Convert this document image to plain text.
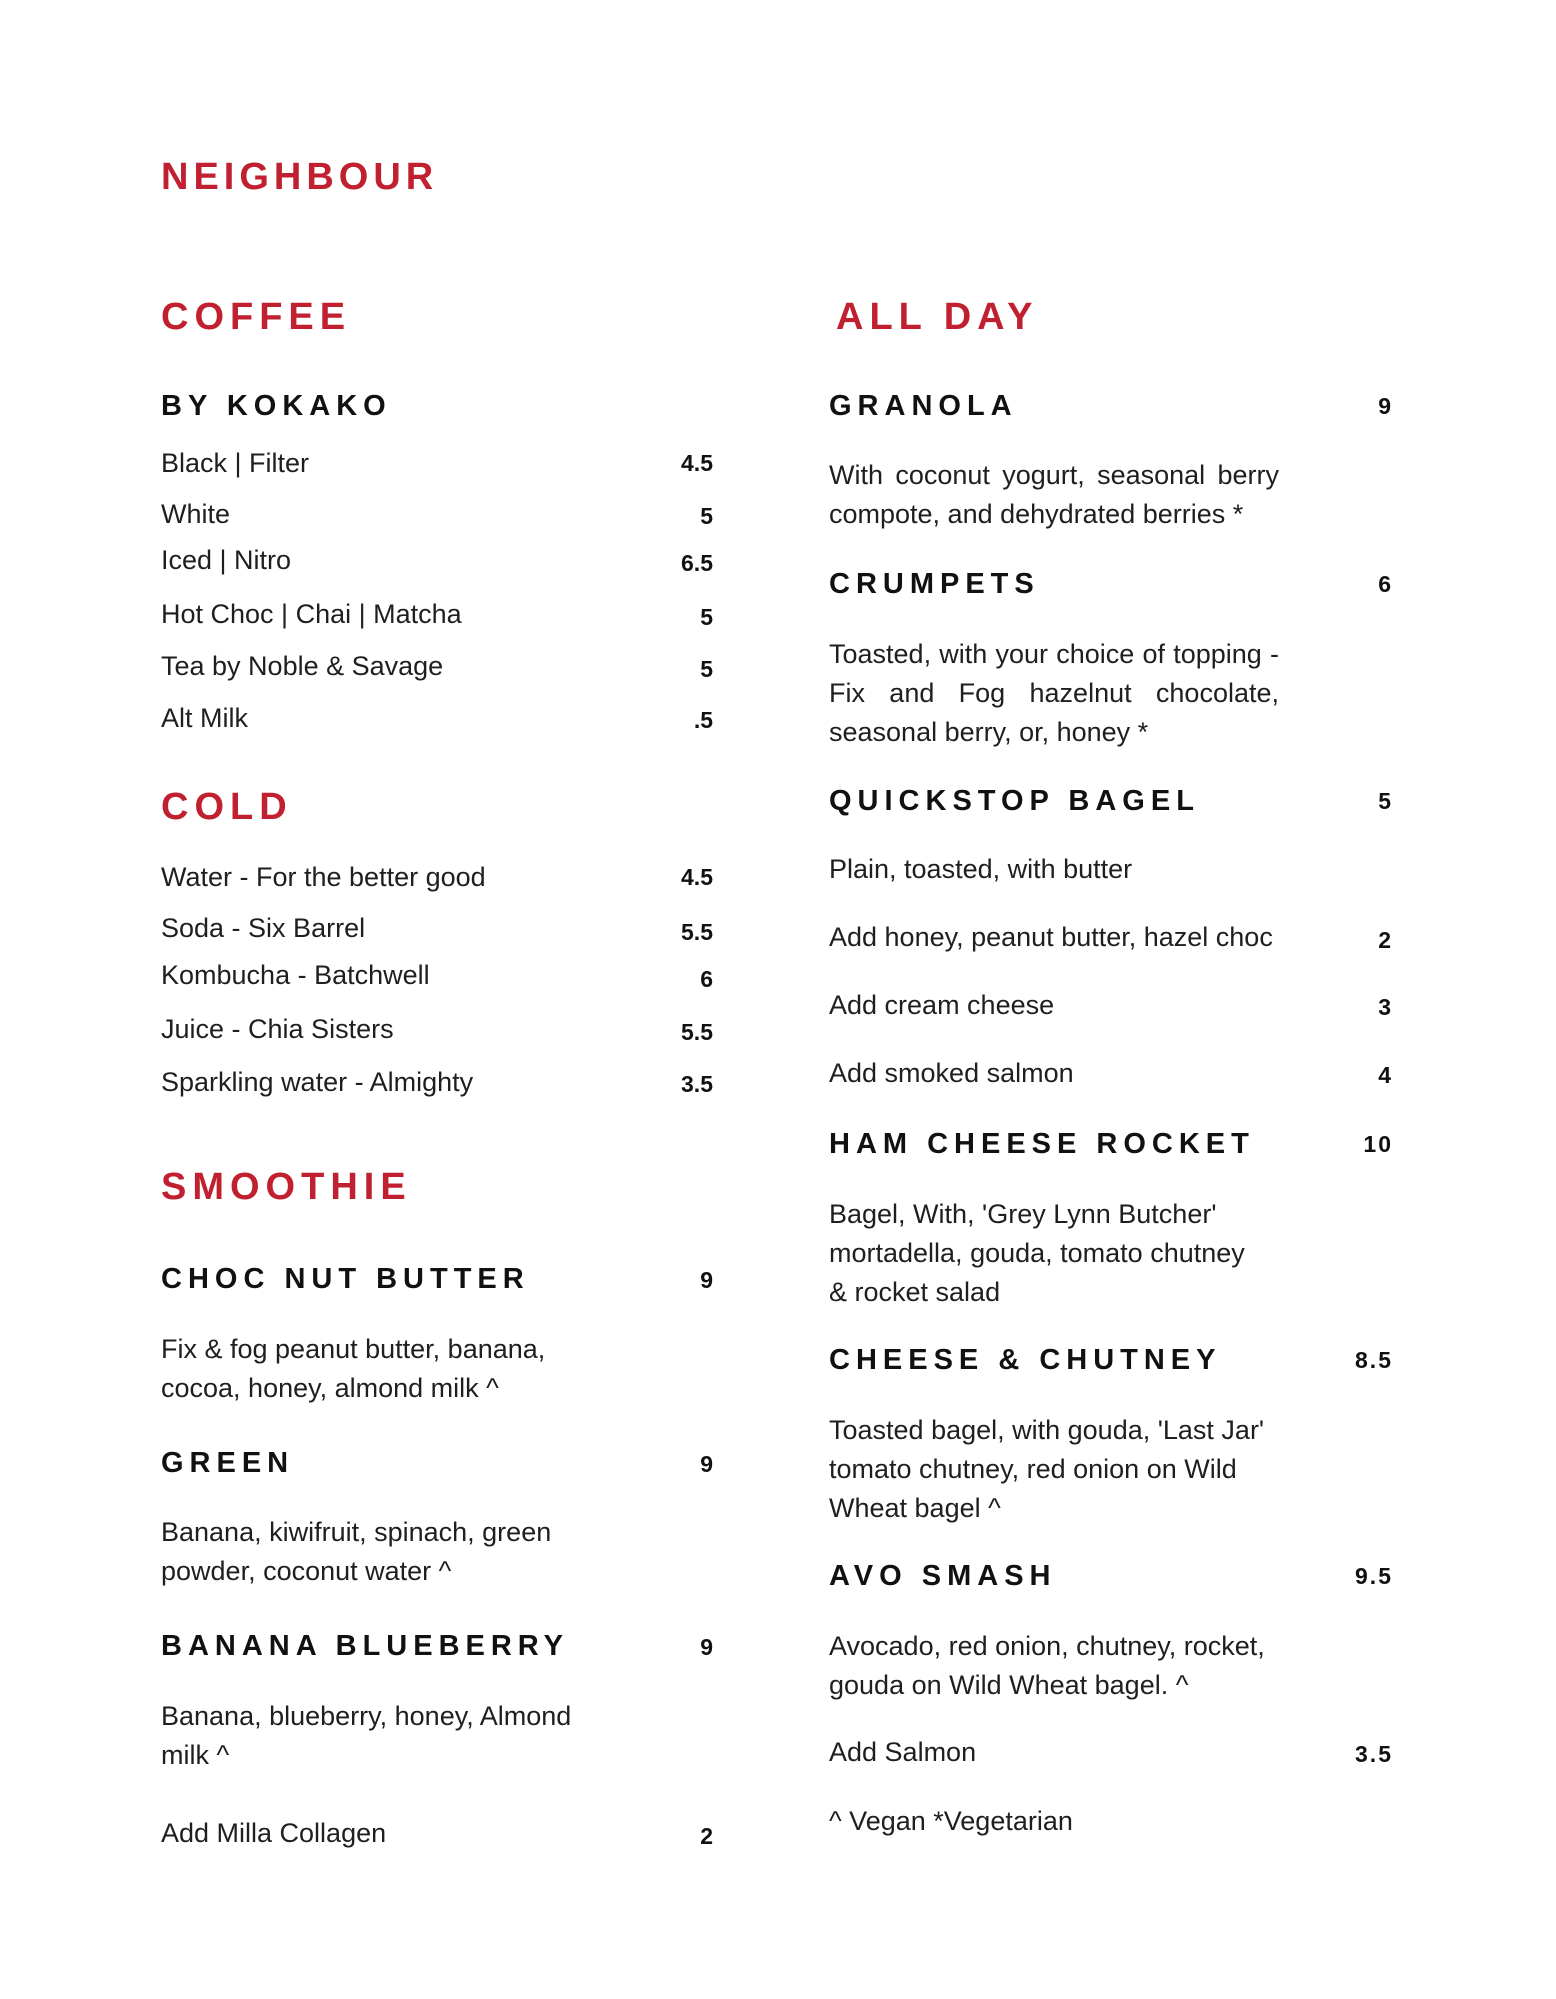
NEIGHBOUR
COFFEE
BY KOKAKO
Black | Filter	4.5
White	5
Iced | Nitro	6.5
Hot Choc | Chai | Matcha	5
Tea by Noble & Savage	5
Alt Milk	.5
COLD
Water - For the better good	4.5
Soda - Six Barrel	5.5
Kombucha - Batchwell	6
Juice - Chia Sisters	5.5
Sparkling water - Almighty	3.5
SMOOTHIE
CHOC NUT BUTTER	9
Fix & fog peanut butter, banana, cocoa, honey, almond milk ^
GREEN	9
Banana, kiwifruit, spinach, green powder, coconut water ^
BANANA BLUEBERRY	9
Banana, blueberry, honey, Almond milk ^
Add Milla Collagen	2
ALL DAY
GRANOLA	9
With coconut yogurt, seasonal berry compote, and dehydrated berries *
CRUMPETS	6
Toasted, with your choice of topping - Fix and Fog hazelnut chocolate, seasonal berry, or, honey *
QUICKSTOP BAGEL	5
Plain, toasted, with butter
Add honey, peanut butter, hazel choc	2
Add cream cheese	3
Add smoked salmon	4
HAM CHEESE ROCKET	10
Bagel, With, 'Grey Lynn Butcher' mortadella, gouda, tomato chutney & rocket salad
CHEESE & CHUTNEY	8.5
Toasted bagel, with gouda, 'Last Jar' tomato chutney, red onion on Wild Wheat bagel ^
AVO SMASH	9.5
Avocado, red onion, chutney, rocket, gouda on Wild Wheat bagel. ^
Add Salmon	3.5
^ Vegan *Vegetarian
